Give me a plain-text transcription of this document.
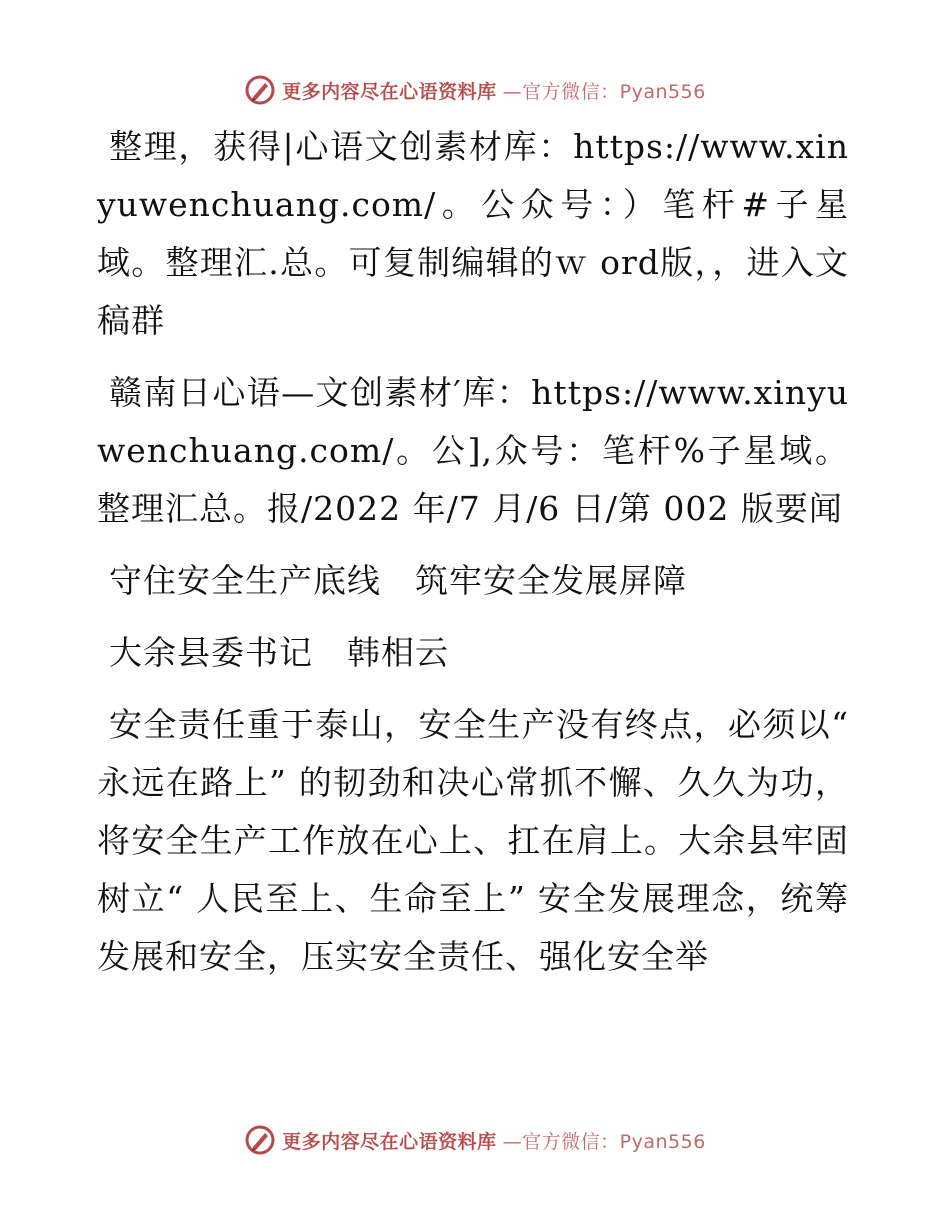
更多内容尽在心语资料库 —官方微信：Pyan556

整理，获得|心语文创素材库：https://www.xinyuwenchuang.com/。公众号：）笔杆#子星域。整理汇.总。可复制编辑的ｗ ord版，，进入文稿群

赣南日心语—文创素材′库：https://www.xinyuwenchuang.com/。公],众号：笔杆%子星域。整理汇总。报/2022 年/7 月/6 日/第 002 版要闻

守住安全生产底线　筑牢安全发展屏障

大余县委书记　韩相云

安全责任重于泰山，安全生产没有终点，必须以“ 永远在路上” 的韧劲和决心常抓不懈、久久为功，将安全生产工作放在心上、扛在肩上。大余县牢固树立“ 人民至上、生命至上” 安全发展理念，统筹发展和安全，压实安全责任、强化安全举

更多内容尽在心语资料库 —官方微信：Pyan556
